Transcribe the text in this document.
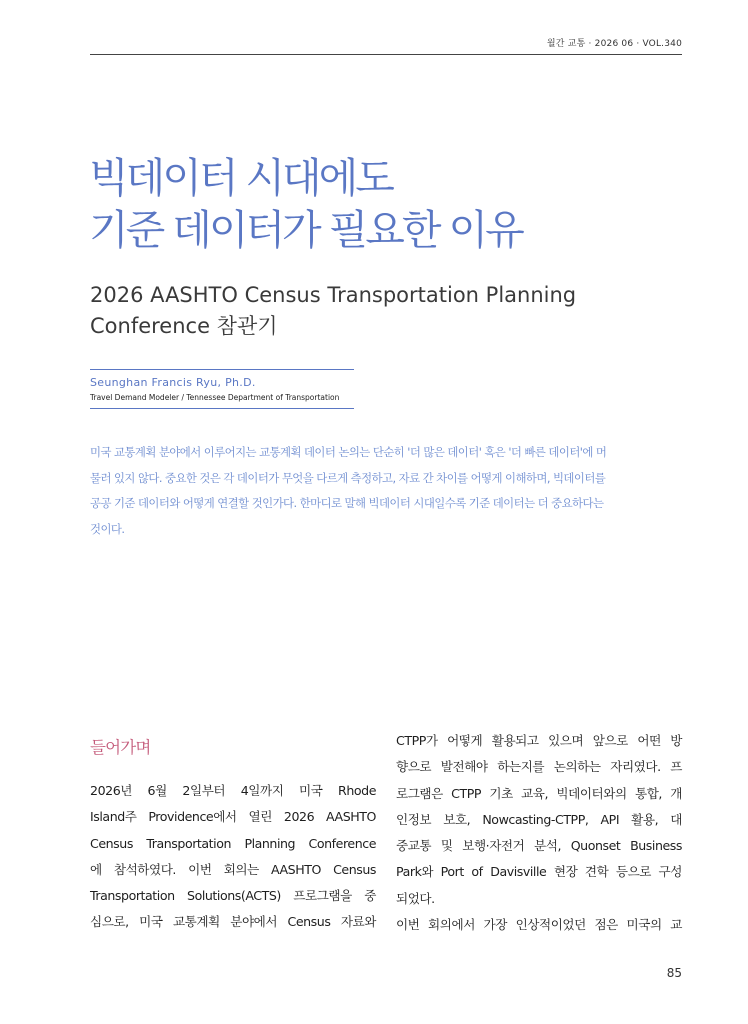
월간 교통 · 2026 06 · VOL.340
빅데이터 시대에도
기준 데이터가 필요한 이유
2026 AASHTO Census Transportation Planning
Conference 참관기
Seunghan Francis Ryu, Ph.D.
Travel Demand Modeler / Tennessee Department of Transportation
미국 교통계획 분야에서 이루어지는 교통계획 데이터 논의는 단순히 '더 많은 데이터' 혹은 '더 빠른 데이터'에 머
물러 있지 않다. 중요한 것은 각 데이터가 무엇을 다르게 측정하고, 자료 간 차이를 어떻게 이해하며, 빅데이터를
공공 기준 데이터와 어떻게 연결할 것인가다. 한마디로 말해 빅데이터 시대일수록 기준 데이터는 더 중요하다는
것이다.
들어가며
2026년 6월 2일부터 4일까지 미국 Rhode
Island주 Providence에서 열린 2026 AASHTO
Census Transportation Planning Conference
에 참석하였다. 이번 회의는 AASHTO Census
Transportation Solutions(ACTS) 프로그램을 중
심으로, 미국 교통계획 분야에서 Census 자료와
CTPP가 어떻게 활용되고 있으며 앞으로 어떤 방
향으로 발전해야 하는지를 논의하는 자리였다. 프
로그램은 CTPP 기초 교육, 빅데이터와의 통합, 개
인정보 보호, Nowcasting-CTPP, API 활용, 대
중교통 및 보행·자전거 분석, Quonset Business
Park와 Port of Davisville 현장 견학 등으로 구성
되었다.
이번 회의에서 가장 인상적이었던 점은 미국의 교
85
